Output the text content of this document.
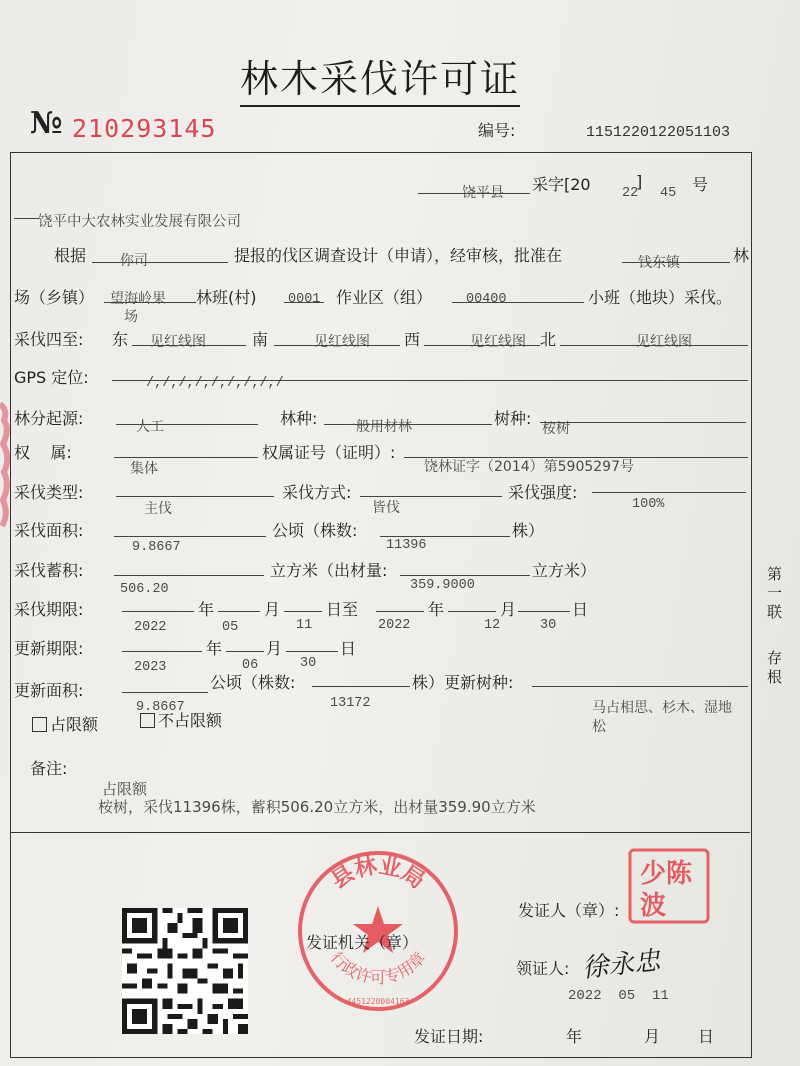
林木采伐许可证
№ 210293145	编号:	1151220122051103
饶平县 采字[20 22
]
45 号
饶平中大农林实业发展有限公司
根据 你司	提报的伐区调查设计（申请），经审核，批准在	钱东镇	林
场（乡镇） 望海岭果
场
林班(村) 0001 作业区（组）	00400	小班（地块）采伐。
采伐四至: 东 见红线图	南	见红线图 西	见红线图 北	见红线图
GPS 定位:	/,/,/,/,/,/,/,/,/
林分起源:	人工	林种: 一般用材林	树种:
桉树
权    属:
集体
权属证号（证明）:
饶林证字（2014）第5905297号
采伐类型:
主伐
采伐方式:
皆伐
采伐强度:
100%
采伐面积:
9.8667
公顷（株数:
11396
株）
采伐蓄积:
506.20
立方米（出材量:
359.9000
立方米）
采伐期限:
2022
年
05
月
11
日至
2022
年
12
月
30
日
更新期限:
2023
年
06
月
30
日
更新面积:
9.8667
公顷（株数:
13172
株）更新树种:
马占相思、杉木、湿地
松
占限额	不占限额
备注:
占限额
桉树，采伐11396株，蓄积506.20立方米，出材量359.90立方米
第一联
存根
县林业局
行政许可专用章
4451220004163
发证机关（章）
发证人（章）:
少陈
波
领证人: 徐永忠
2022  05  11
发证日期:	年	月 日
